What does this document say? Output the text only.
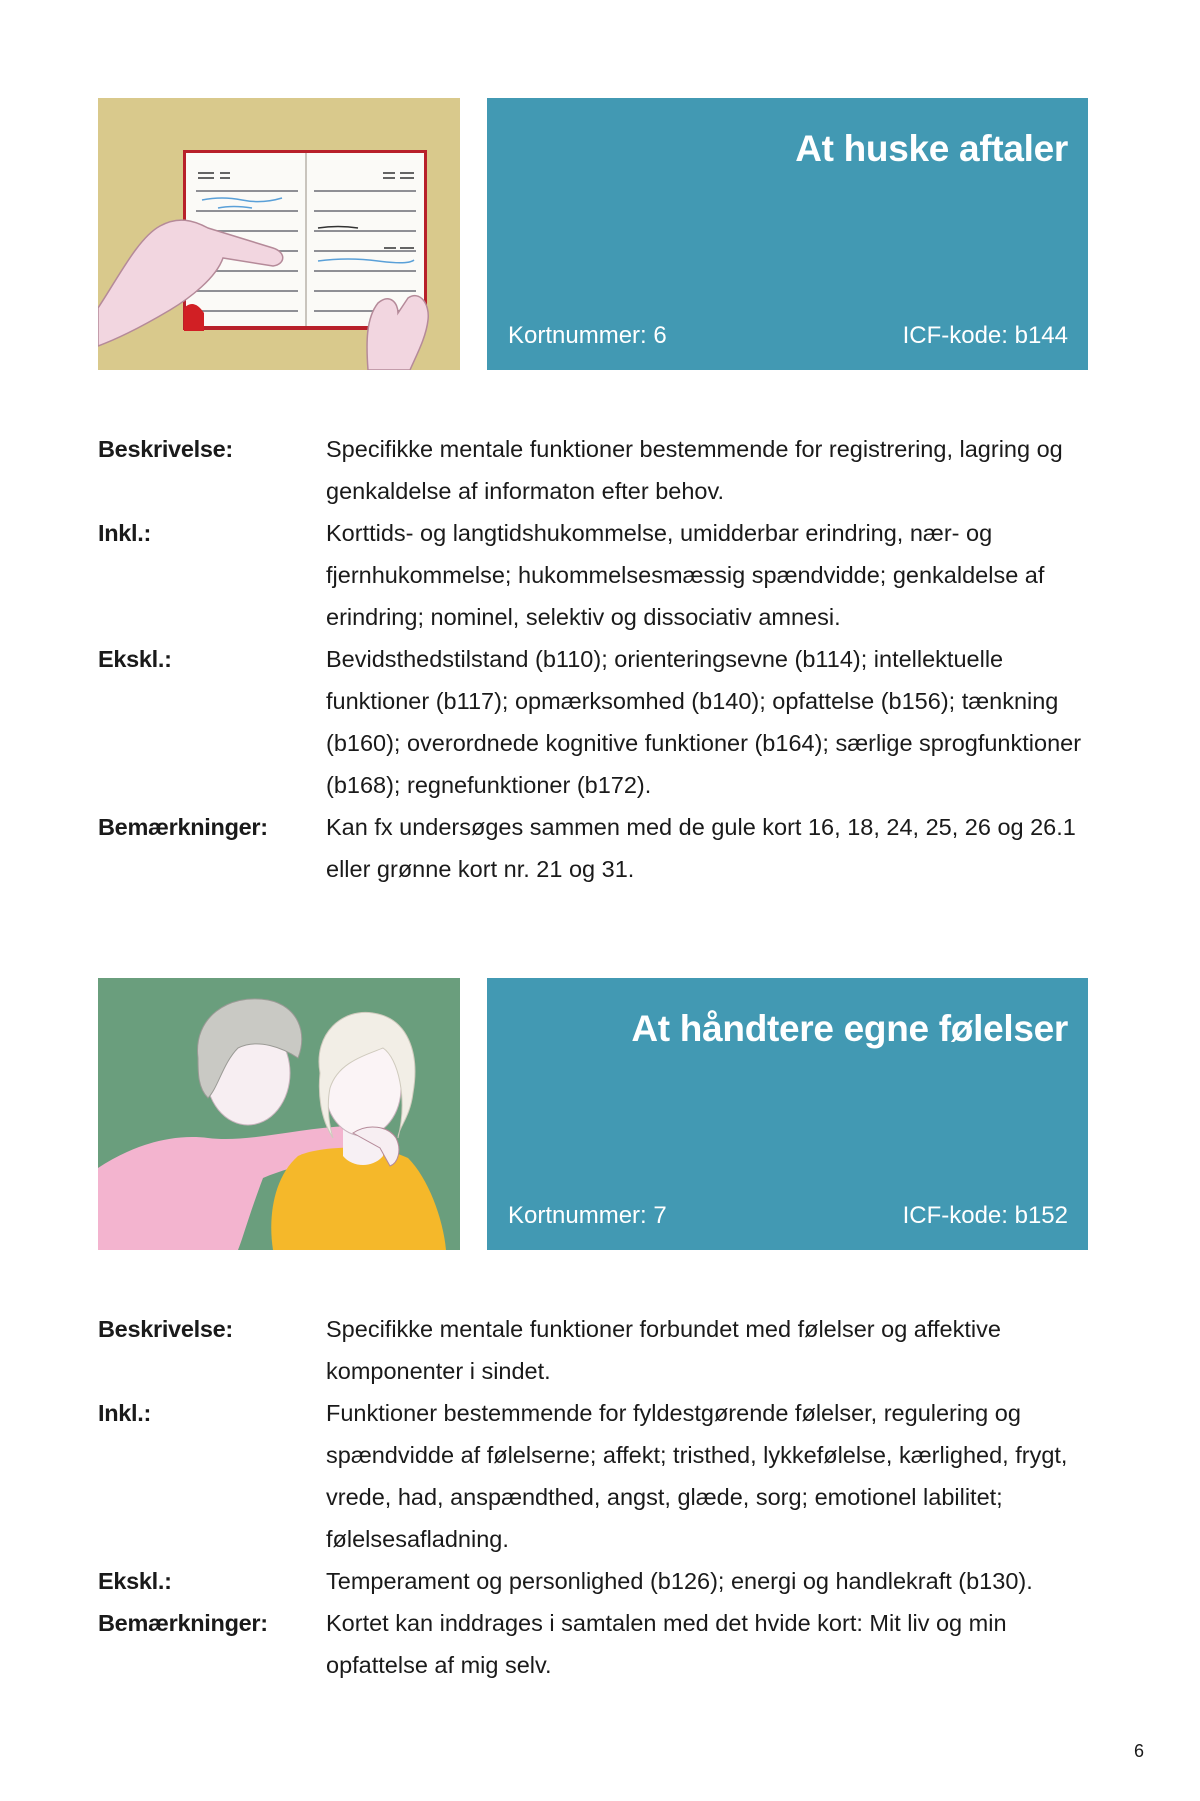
At huske aftaler
Kortnummer: 6	ICF-kode: b144
Beskrivelse:	Specifikke mentale funktioner bestemmende for registrering, lagring og genkaldelse af informaton efter behov.
Inkl.:	Korttids- og langtidshukommelse, umidderbar erindring, nær- og fjernhukommelse; hukommelsesmæssig spændvidde; genkaldelse af erindring; nominel, selektiv og dissociativ amnesi.
Ekskl.:	Bevidsthedstilstand (b110); orienteringsevne (b114); intellektuelle funktioner (b117); opmærksomhed (b140); opfattelse (b156); tænkning (b160); overordnede kognitive funktioner (b164); særlige sprogfunktioner (b168); regnefunktioner (b172).
Bemærkninger:	Kan fx undersøges sammen med de gule kort 16, 18, 24, 25, 26 og 26.1 eller grønne kort nr. 21 og 31.
At håndtere egne følelser
Kortnummer: 7	ICF-kode: b152
Beskrivelse:	Specifikke mentale funktioner forbundet med følelser og affektive komponenter i sindet.
Inkl.:	Funktioner bestemmende for fyldestgørende følelser, regulering og spændvidde af følelserne; affekt; tristhed, lykkefølelse, kærlighed, frygt, vrede, had, anspændthed, angst, glæde, sorg; emotionel labilitet; følelsesafladning.
Ekskl.:	Temperament og personlighed (b126); energi og handlekraft (b130).
Bemærkninger:	Kortet kan inddrages i samtalen med det hvide kort: Mit liv og min opfattelse af mig selv.
6
